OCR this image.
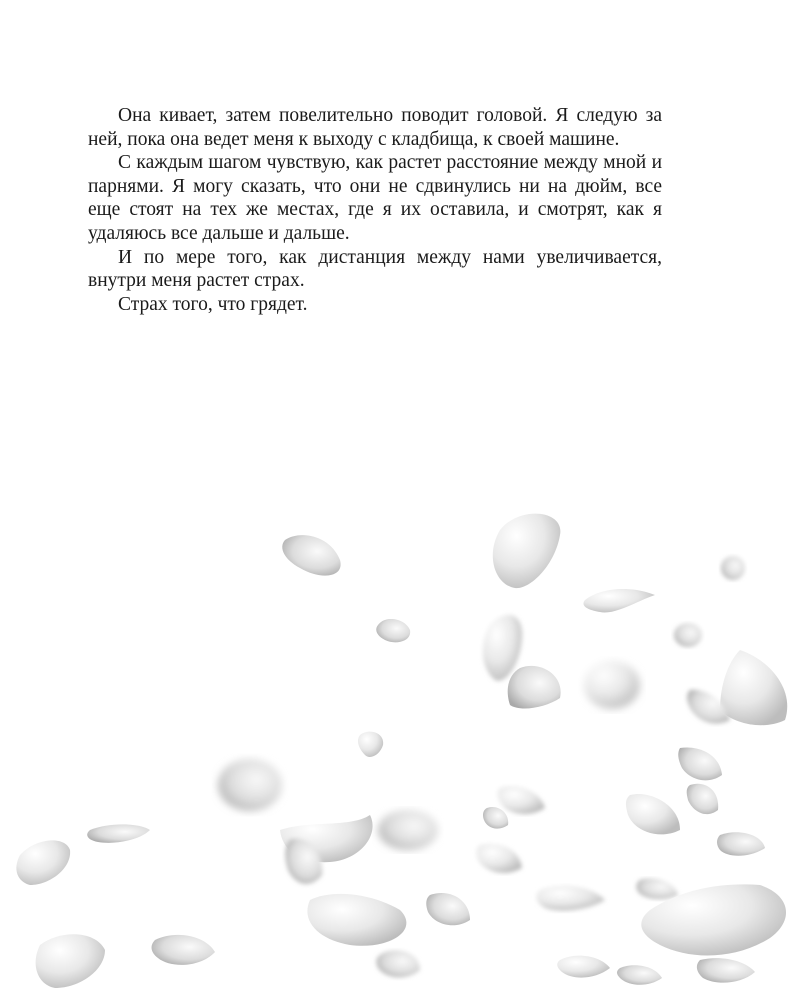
Она кивает, затем повелительно поводит головой. Я следую за ней, пока она ведет меня к выходу с кладбища, к своей машине.

С каждым шагом чувствую, как растет расстояние между мной и парнями. Я могу сказать, что они не сдвинулись ни на дюйм, все еще стоят на тех же местах, где я их оставила, и смотрят, как я удаляюсь все дальше и дальше.

И по мере того, как дистанция между нами увеличивается, внутри меня растет страх.

Страх того, что грядет.
